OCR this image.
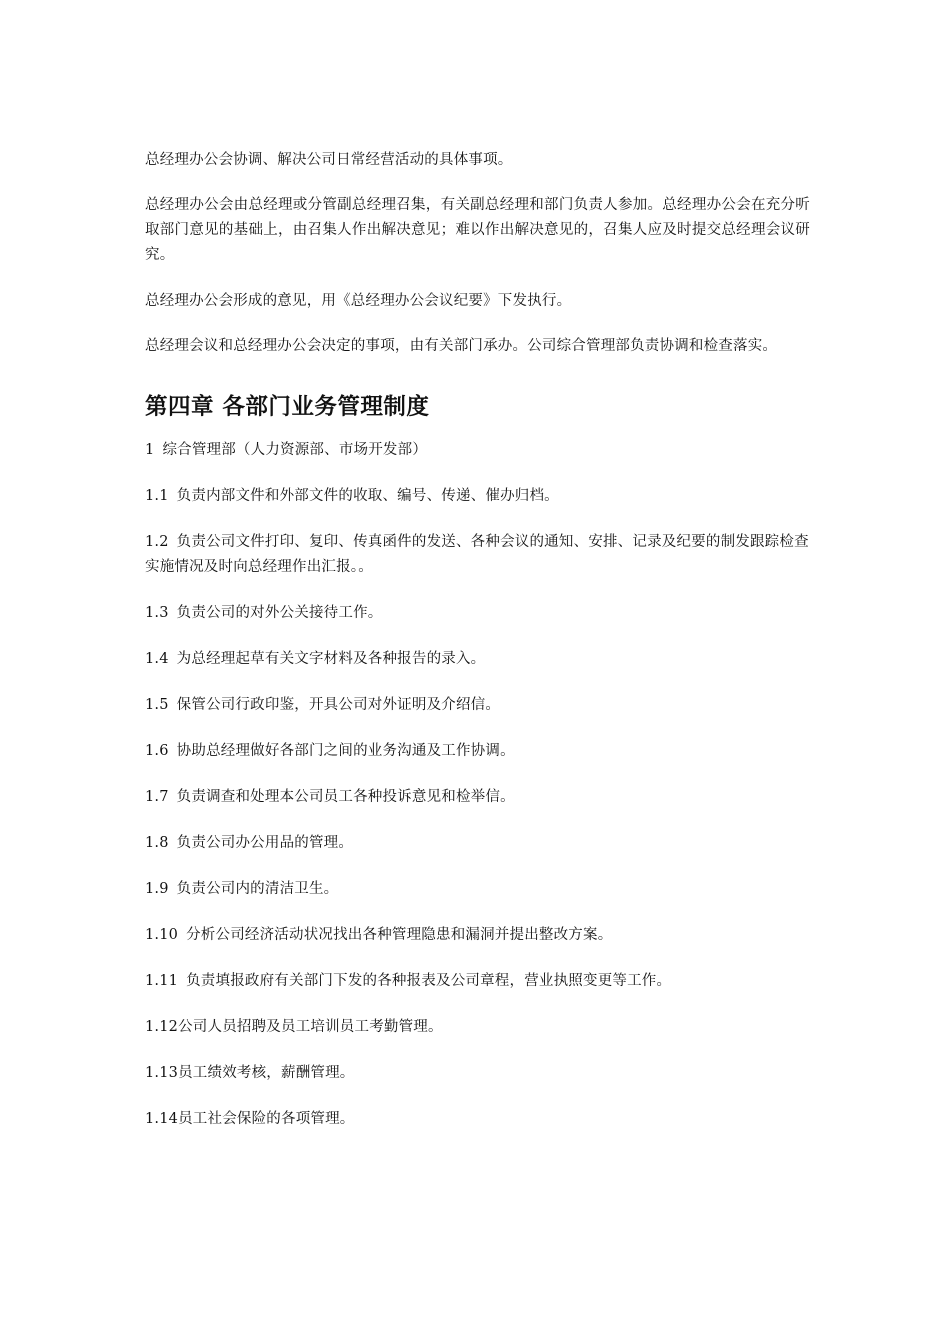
总经理办公会协调、解决公司日常经营活动的具体事项。

总经理办公会由总经理或分管副总经理召集，有关副总经理和部门负责人参加。总经理办公会在充分听取部门意见的基础上，由召集人作出解决意见；难以作出解决意见的，召集人应及时提交总经理会议研究。

总经理办公会形成的意见，用《总经理办公会议纪要》下发执行。

总经理会议和总经理办公会决定的事项，由有关部门承办。公司综合管理部负责协调和检查落实。

第四章 各部门业务管理制度

1 综合管理部（人力资源部、市场开发部）

1.1 负责内部文件和外部文件的收取、编号、传递、催办归档。

1.2 负责公司文件打印、复印、传真函件的发送、各种会议的通知、安排、记录及纪要的制发跟踪检查实施情况及时向总经理作出汇报。。

1.3 负责公司的对外公关接待工作。

1.4 为总经理起草有关文字材料及各种报告的录入。

1.5 保管公司行政印鉴，开具公司对外证明及介绍信。

1.6 协助总经理做好各部门之间的业务沟通及工作协调。

1.7 负责调查和处理本公司员工各种投诉意见和检举信。

1.8 负责公司办公用品的管理。

1.9 负责公司内的清洁卫生。

1.10 分析公司经济活动状况找出各种管理隐患和漏洞并提出整改方案。

1.11 负责填报政府有关部门下发的各种报表及公司章程，营业执照变更等工作。

1.12公司人员招聘及员工培训员工考勤管理。

1.13员工绩效考核，薪酬管理。

1.14员工社会保险的各项管理。
